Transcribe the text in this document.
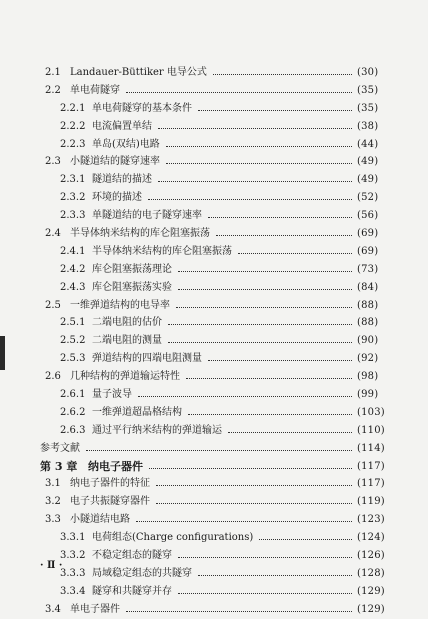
2.1 Landauer-Büttiker 电导公式	(30)
2.2 单电荷隧穿	(35)
2.2.1 单电荷隧穿的基本条件	(35)
2.2.2 电流偏置单结	(38)
2.2.3 单岛(双结)电路	(44)
2.3 小隧道结的隧穿速率	(49)
2.3.1 隧道结的描述	(49)
2.3.2 环境的描述	(52)
2.3.3 单隧道结的电子隧穿速率	(56)
2.4 半导体纳米结构的库仑阻塞振荡	(69)
2.4.1 半导体纳米结构的库仑阻塞振荡	(69)
2.4.2 库仑阻塞振荡理论	(73)
2.4.3 库仑阻塞振荡实验	(84)
2.5 一维弹道结构的电导率	(88)
2.5.1 二端电阻的估价	(88)
2.5.2 二端电阻的测量	(90)
2.5.3 弹道结构的四端电阻测量	(92)
2.6 几种结构的弹道输运特性	(98)
2.6.1 量子波导	(99)
2.6.2 一维弹道超晶格结构	(103)
2.6.3 通过平行纳米结构的弹道输运	(110)
参考文献	(114)
第 3 章 纳电子器件	(117)
3.1 纳电子器件的特征	(117)
3.2 电子共振隧穿器件	(119)
3.3 小隧道结电路	(123)
3.3.1 电荷组态(Charge configurations)	(124)
3.3.2 不稳定组态的隧穿	(126)
3.3.3 局域稳定组态的共隧穿	(128)
3.3.4 隧穿和共隧穿并存	(129)
3.4 单电子器件	(129)
· Ⅱ ·
